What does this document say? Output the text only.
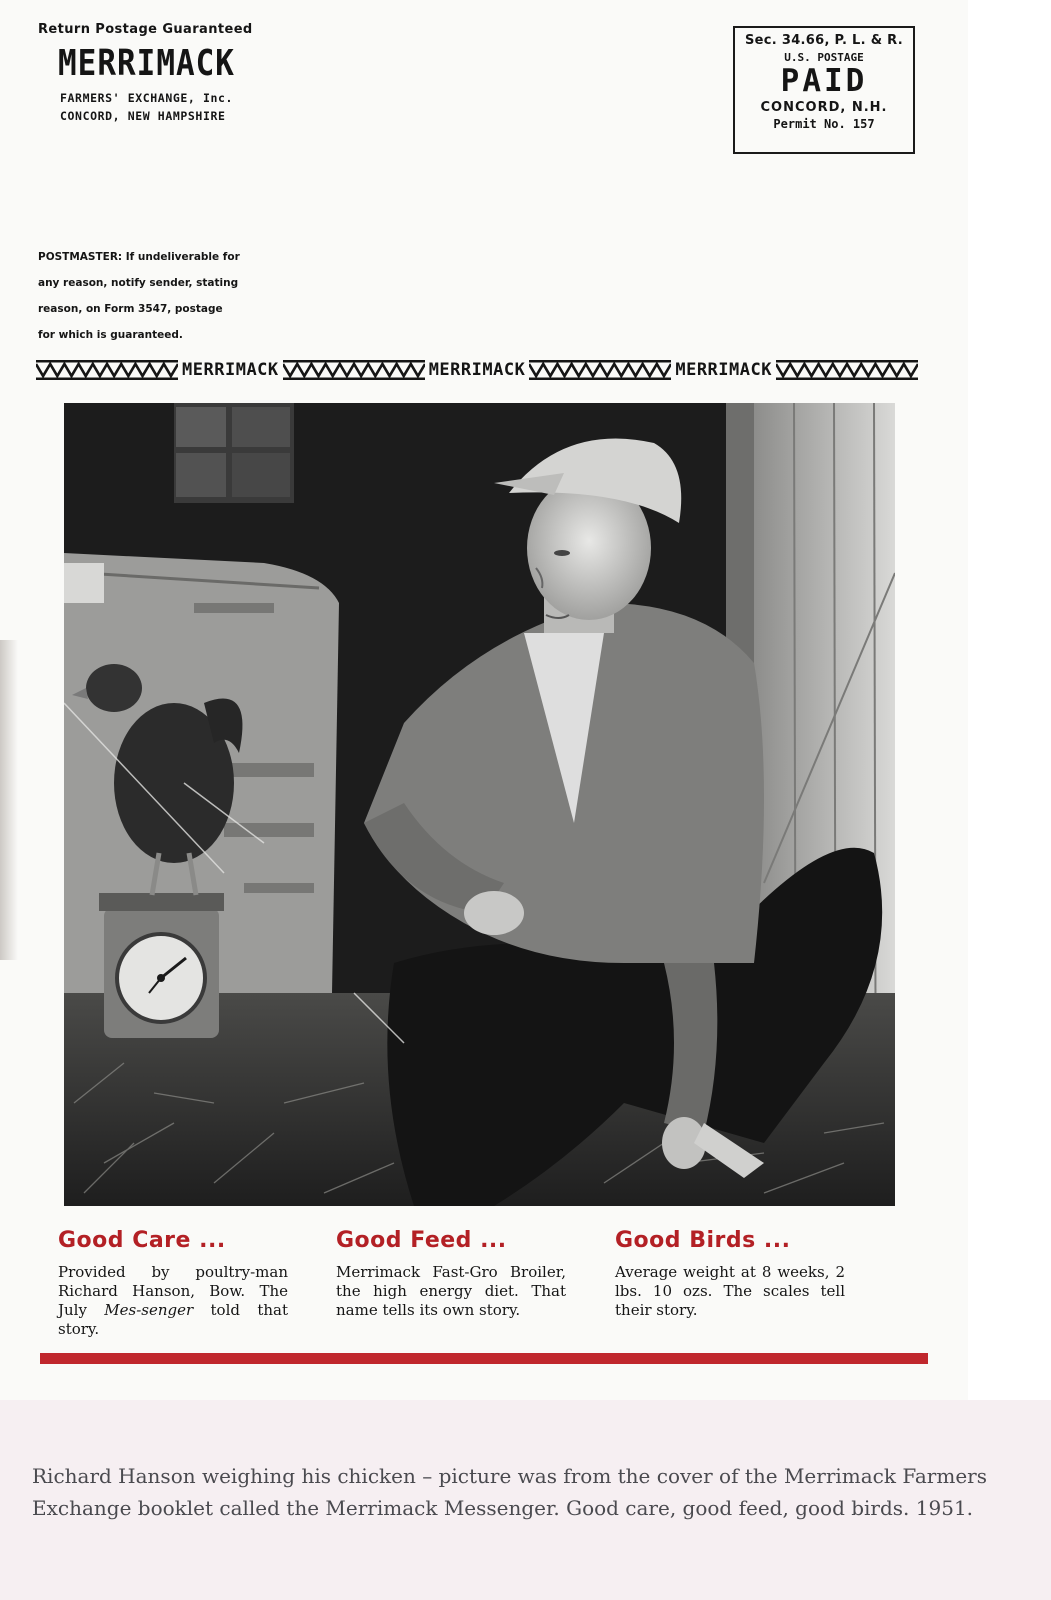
Return Postage Guaranteed
MERRIMACK
FARMERS' EXCHANGE, Inc.
CONCORD, NEW HAMPSHIRE
Sec. 34.66, P. L. & R.
U.S. POSTAGE
PAID
CONCORD, N.H.
Permit No. 157
POSTMASTER: If undeliverable for
any reason, notify sender, stating
reason, on Form 3547, postage
for which is guaranteed.
MERRIMACK	MERRIMACK	MERRIMACK
Good Care ...
Provided by poultry-man Richard Hanson, Bow. The July Mes-senger told that story.
Good Feed ...
Merrimack Fast-Gro Broiler, the high energy diet. That name tells its own story.
Good Birds ...
Average weight at 8 weeks, 2 lbs. 10 ozs. The scales tell their story.
Richard Hanson weighing his chicken – picture was from the cover of the Merrimack Farmers Exchange booklet called the Merrimack Messenger. Good care, good feed, good birds. 1951.
